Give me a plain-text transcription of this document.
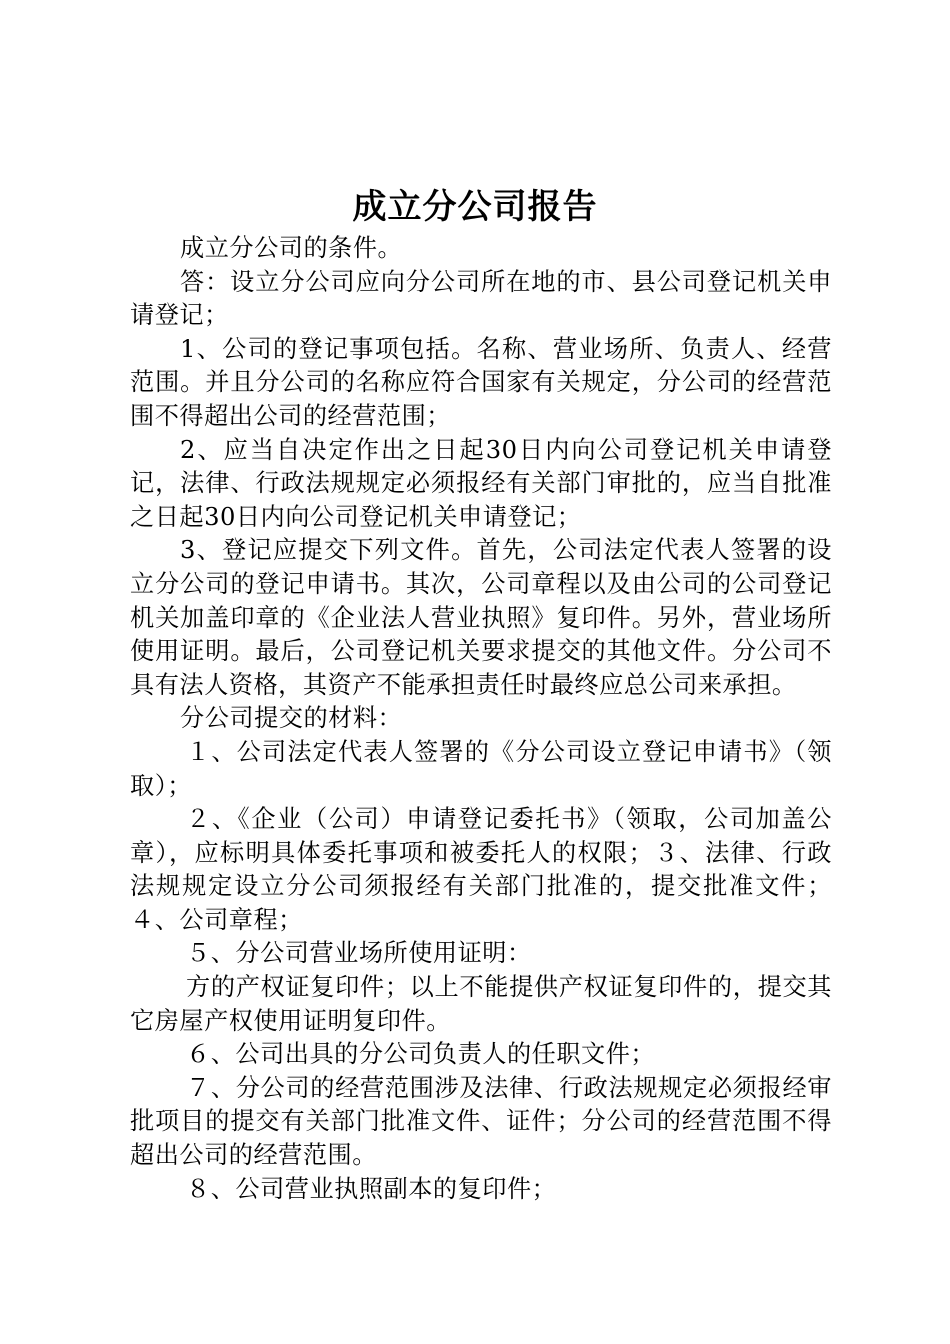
成立分公司报告

成立分公司的条件。

答：设立分公司应向分公司所在地的市、县公司登记机关申请登记；

1、公司的登记事项包括。名称、营业场所、负责人、经营范围。并且分公司的名称应符合国家有关规定，分公司的经营范围不得超出公司的经营范围；

2、应当自决定作出之日起30日内向公司登记机关申请登记，法律、行政法规规定必须报经有关部门审批的，应当自批准之日起30日内向公司登记机关申请登记；

3、登记应提交下列文件。首先，公司法定代表人签署的设立分公司的登记申请书。其次，公司章程以及由公司的公司登记机关加盖印章的《企业法人营业执照》复印件。另外，营业场所使用证明。最后，公司登记机关要求提交的其他文件。分公司不具有法人资格，其资产不能承担责任时最终应总公司来承担。

分公司提交的材料：

１、公司法定代表人签署的《分公司设立登记申请书》（领取）；

２、《企业（公司）申请登记委托书》（领取，公司加盖公章），应标明具体委托事项和被委托人的权限；３、法律、行政法规规定设立分公司须报经有关部门批准的，提交批准文件；４、公司章程；

５、分公司营业场所使用证明：

方的产权证复印件；以上不能提供产权证复印件的，提交其它房屋产权使用证明复印件。

６、公司出具的分公司负责人的任职文件；

７、分公司的经营范围涉及法律、行政法规规定必须报经审批项目的提交有关部门批准文件、证件；分公司的经营范围不得超出公司的经营范围。

８、公司营业执照副本的复印件；
